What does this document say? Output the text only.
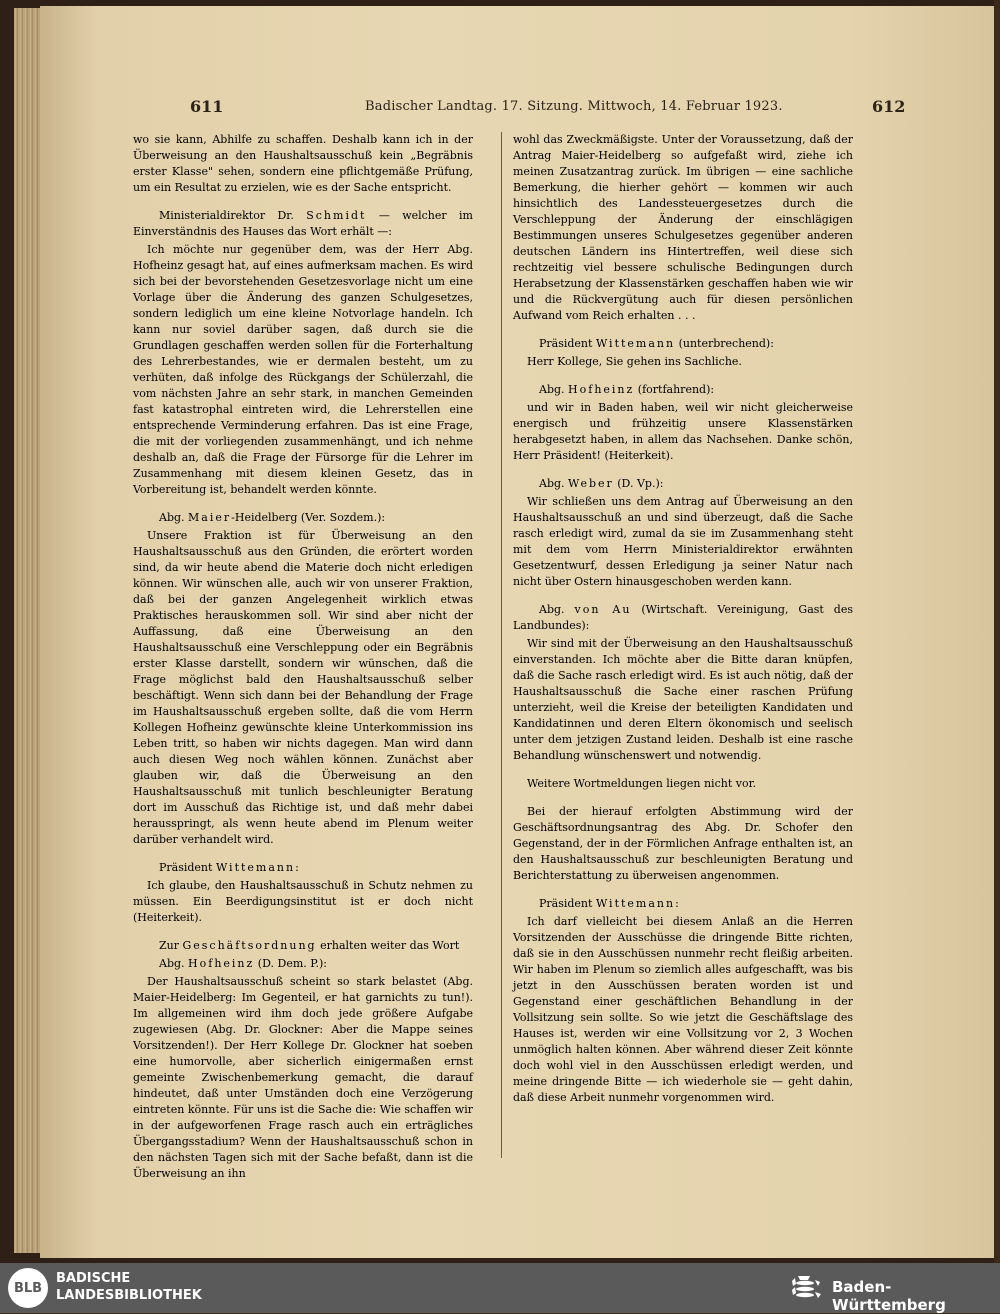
611	Badischer Landtag. 17. Sitzung. Mittwoch, 14. Februar 1923.	612

wo sie kann, Abhilfe zu schaffen. Deshalb kann ich in der Überweisung an den Haushaltsausschuß kein „Begräbnis erster Klasse" sehen, sondern eine pflichtgemäße Prüfung, um ein Resultat zu erzielen, wie es der Sache entspricht.

Ministerialdirektor Dr. Schmidt — welcher im Einverständnis des Hauses das Wort erhält —:

Ich möchte nur gegenüber dem, was der Herr Abg. Hofheinz gesagt hat, auf eines aufmerksam machen. Es wird sich bei der bevorstehenden Gesetzesvorlage nicht um eine Vorlage über die Änderung des ganzen Schulgesetzes, sondern lediglich um eine kleine Notvorlage handeln. Ich kann nur soviel darüber sagen, daß durch sie die Grundlagen geschaffen werden sollen für die Forterhaltung des Lehrerbestandes, wie er dermalen besteht, um zu verhüten, daß infolge des Rückgangs der Schülerzahl, die vom nächsten Jahre an sehr stark, in manchen Gemeinden fast katastrophal eintreten wird, die Lehrerstellen eine entsprechende Verminderung erfahren. Das ist eine Frage, die mit der vorliegenden zusammenhängt, und ich nehme deshalb an, daß die Frage der Fürsorge für die Lehrer im Zusammenhang mit diesem kleinen Gesetz, das in Vorbereitung ist, behandelt werden könnte.

Abg. Maier-Heidelberg (Ver. Sozdem.):

Unsere Fraktion ist für Überweisung an den Haushaltsausschuß aus den Gründen, die erörtert worden sind, da wir heute abend die Materie doch nicht erledigen können. Wir wünschen alle, auch wir von unserer Fraktion, daß bei der ganzen Angelegenheit wirklich etwas Praktisches herauskommen soll. Wir sind aber nicht der Auffassung, daß eine Überweisung an den Haushaltsausschuß eine Verschleppung oder ein Begräbnis erster Klasse darstellt, sondern wir wünschen, daß die Frage möglichst bald den Haushaltsausschuß selber beschäftigt. Wenn sich dann bei der Behandlung der Frage im Haushaltsausschuß ergeben sollte, daß die vom Herrn Kollegen Hofheinz gewünschte kleine Unterkommission ins Leben tritt, so haben wir nichts dagegen. Man wird dann auch diesen Weg noch wählen können. Zunächst aber glauben wir, daß die Überweisung an den Haushaltsausschuß mit tunlich beschleunigter Beratung dort im Ausschuß das Richtige ist, und daß mehr dabei herausspringt, als wenn heute abend im Plenum weiter darüber verhandelt wird.

Präsident Wittemann:

Ich glaube, den Haushaltsausschuß in Schutz nehmen zu müssen. Ein Beerdigungsinstitut ist er doch nicht (Heiterkeit).

Zur Geschäftsordnung erhalten weiter das Wort

Abg. Hofheinz (D. Dem. P.):

Der Haushaltsausschuß scheint so stark belastet (Abg. Maier-Heidelberg: Im Gegenteil, er hat garnichts zu tun!). Im allgemeinen wird ihm doch jede größere Aufgabe zugewiesen (Abg. Dr. Glockner: Aber die Mappe seines Vorsitzenden!). Der Herr Kollege Dr. Glockner hat soeben eine humorvolle, aber sicherlich einigermaßen ernst gemeinte Zwischenbemerkung gemacht, die darauf hindeutet, daß unter Umständen doch eine Verzögerung eintreten könnte. Für uns ist die Sache die: Wie schaffen wir in der aufgeworfenen Frage rasch auch ein erträgliches Übergangsstadium? Wenn der Haushaltsausschuß schon in den nächsten Tagen sich mit der Sache befaßt, dann ist die Überweisung an ihn

wohl das Zweckmäßigste. Unter der Voraussetzung, daß der Antrag Maier-Heidelberg so aufgefaßt wird, ziehe ich meinen Zusatzantrag zurück. Im übrigen — eine sachliche Bemerkung, die hierher gehört — kommen wir auch hinsichtlich des Landessteuergesetzes durch die Verschleppung der Änderung der einschlägigen Bestimmungen unseres Schulgesetzes gegenüber anderen deutschen Ländern ins Hintertreffen, weil diese sich rechtzeitig viel bessere schulische Bedingungen durch Herabsetzung der Klassenstärken geschaffen haben wie wir und die Rückvergütung auch für diesen persönlichen Aufwand vom Reich erhalten . . .

Präsident Wittemann (unterbrechend):

Herr Kollege, Sie gehen ins Sachliche.

Abg. Hofheinz (fortfahrend):

und wir in Baden haben, weil wir nicht gleicherweise energisch und frühzeitig unsere Klassenstärken herabgesetzt haben, in allem das Nachsehen. Danke schön, Herr Präsident! (Heiterkeit).

Abg. Weber (D. Vp.):

Wir schließen uns dem Antrag auf Überweisung an den Haushaltsausschuß an und sind überzeugt, daß die Sache rasch erledigt wird, zumal da sie im Zusammenhang steht mit dem vom Herrn Ministerialdirektor erwähnten Gesetzentwurf, dessen Erledigung ja seiner Natur nach nicht über Ostern hinausgeschoben werden kann.

Abg. von Au (Wirtschaft. Vereinigung, Gast des Landbundes):

Wir sind mit der Überweisung an den Haushaltsausschuß einverstanden. Ich möchte aber die Bitte daran knüpfen, daß die Sache rasch erledigt wird. Es ist auch nötig, daß der Haushaltsausschuß die Sache einer raschen Prüfung unterzieht, weil die Kreise der beteiligten Kandidaten und Kandidatinnen und deren Eltern ökonomisch und seelisch unter dem jetzigen Zustand leiden. Deshalb ist eine rasche Behandlung wünschenswert und notwendig.

Weitere Wortmeldungen liegen nicht vor.

Bei der hierauf erfolgten Abstimmung wird der Geschäftsordnungsantrag des Abg. Dr. Schofer den Gegenstand, der in der Förmlichen Anfrage enthalten ist, an den Haushaltsausschuß zur beschleunigten Beratung und Berichterstattung zu überweisen angenommen.

Präsident Wittemann:

Ich darf vielleicht bei diesem Anlaß an die Herren Vorsitzenden der Ausschüsse die dringende Bitte richten, daß sie in den Ausschüssen nunmehr recht fleißig arbeiten. Wir haben im Plenum so ziemlich alles aufgeschafft, was bis jetzt in den Ausschüssen beraten worden ist und Gegenstand einer geschäftlichen Behandlung in der Vollsitzung sein sollte. So wie jetzt die Geschäftslage des Hauses ist, werden wir eine Vollsitzung vor 2, 3 Wochen unmöglich halten können. Aber während dieser Zeit könnte doch wohl viel in den Ausschüssen erledigt werden, und meine dringende Bitte — ich wiederhole sie — geht dahin, daß diese Arbeit nunmehr vorgenommen wird.

BLB
BADISCHE
LANDESBIBLIOTHEK	Baden-Württemberg
